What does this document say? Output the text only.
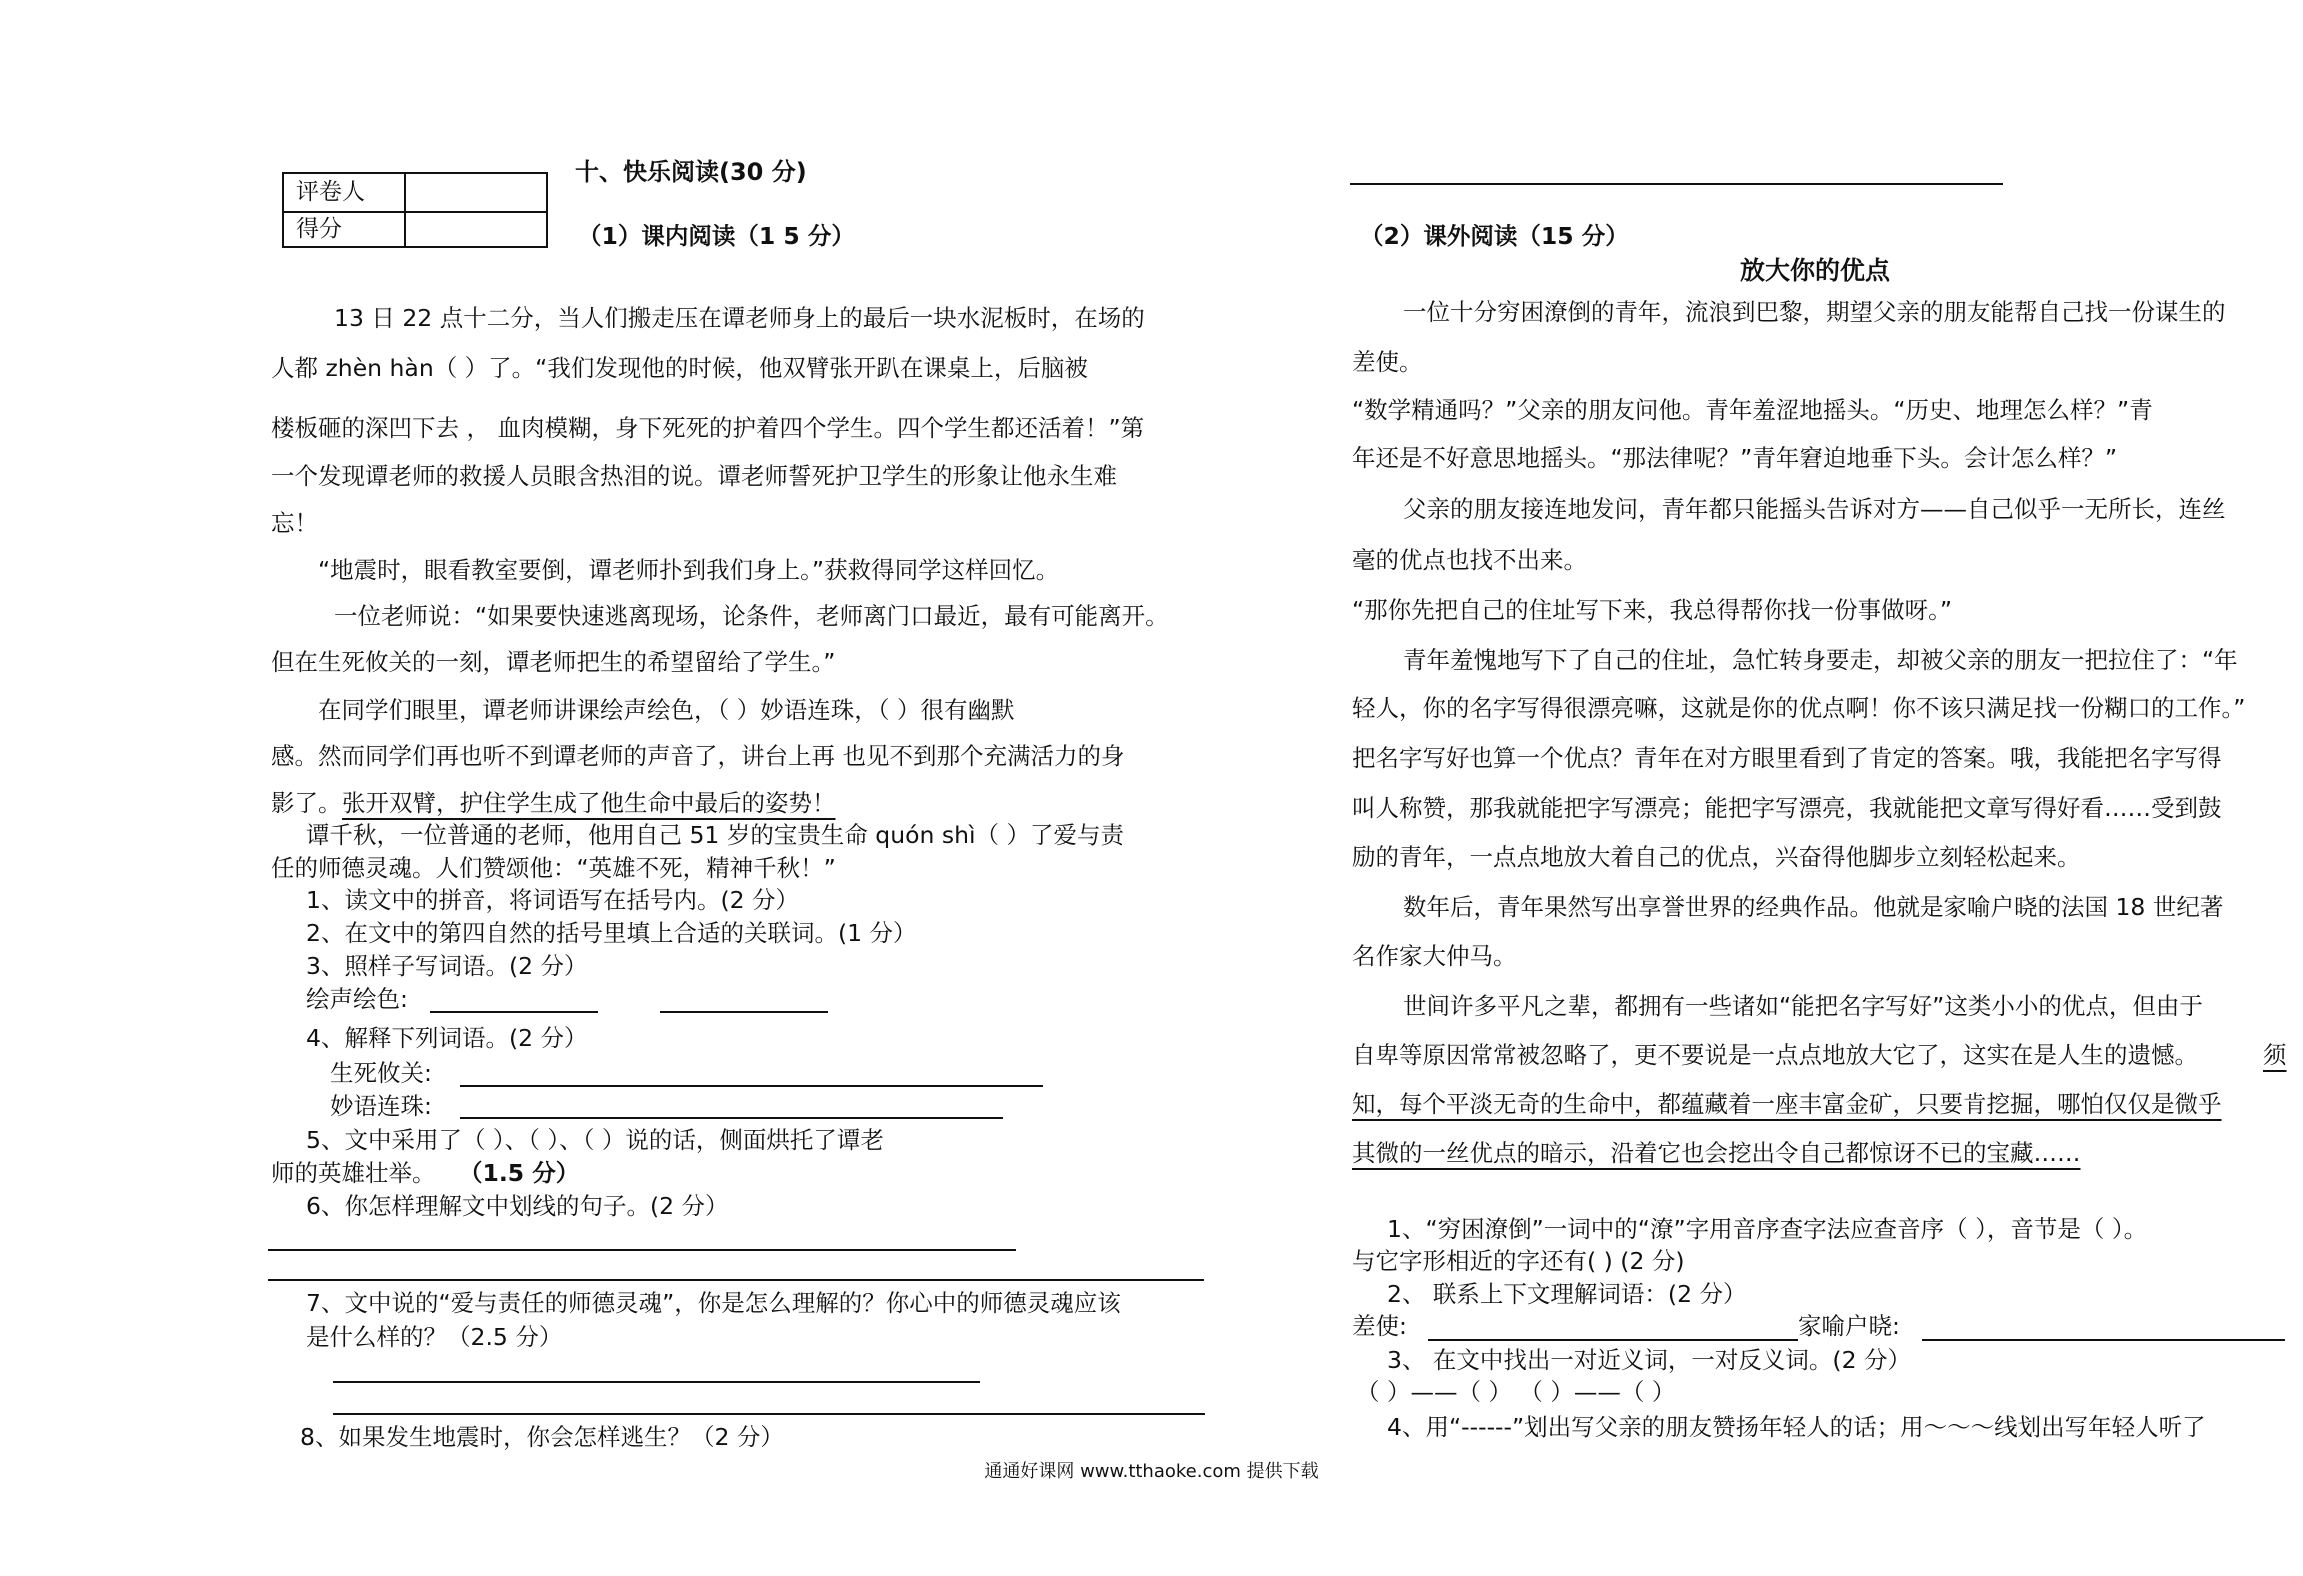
评卷人
得分
十、快乐阅读(30 分)
（1）课内阅读（1 5 分）	（2）课外阅读（15 分）
放大你的优点
13 日 22 点十二分，当人们搬走压在谭老师身上的最后一块水泥板时，在场的
人都 zhèn hàn（ ）了。“我们发现他的时候，他双臂张开趴在课桌上，后脑被
楼板砸的深凹下去 ， 血肉模糊，身下死死的护着四个学生。四个学生都还活着！”第
一个发现谭老师的救援人员眼含热泪的说。谭老师誓死护卫学生的形象让他永生难
忘！
“地震时，眼看教室要倒，谭老师扑到我们身上。”获救得同学这样回忆。
一位老师说：“如果要快速逃离现场，论条件，老师离门口最近，最有可能离开。
但在生死攸关的一刻，谭老师把生的希望留给了学生。”
在同学们眼里，谭老师讲课绘声绘色，（ ）妙语连珠，（ ）很有幽默
感。然而同学们再也听不到谭老师的声音了，讲台上再 也见不到那个充满活力的身
影了。 张开双臂，护住学生成了他生命中最后的姿势！
谭千秋，一位普通的老师，他用自己 51 岁的宝贵生命 quón shì（ ）了爱与责
任的师德灵魂。人们赞颂他：“英雄不死，精神千秋！”
1、读文中的拼音，将词语写在括号内。(2 分）
2、在文中的第四自然的括号里填上合适的关联词。(1 分）
3、照样子写词语。(2 分）
绘声绘色:
4、解释下列词语。(2 分）
生死攸关:
妙语连珠:
5、文中采用了（ ）、（ ）、（ ）说的话，侧面烘托了谭老
师的英雄壮举。 （1.5 分）
6、你怎样理解文中划线的句子。(2 分）
7、文中说的“爱与责任的师德灵魂”，你是怎么理解的？你心中的师德灵魂应该
是什么样的？（2.5 分）
8、如果发生地震时，你会怎样逃生？（2 分）
一位十分穷困潦倒的青年，流浪到巴黎，期望父亲的朋友能帮自己找一份谋生的
差使。
“数学精通吗？”父亲的朋友问他。青年羞涩地摇头。“历史、地理怎么样？”青
年还是不好意思地摇头。“那法律呢？”青年窘迫地垂下头。会计怎么样？”
父亲的朋友接连地发问，青年都只能摇头告诉对方——自己似乎一无所长，连丝
毫的优点也找不出来。
“那你先把自己的住址写下来，我总得帮你找一份事做呀。”
青年羞愧地写下了自己的住址，急忙转身要走，却被父亲的朋友一把拉住了：“年
轻人，你的名字写得很漂亮嘛，这就是你的优点啊！你不该只满足找一份糊口的工作。”
把名字写好也算一个优点？青年在对方眼里看到了肯定的答案。哦，我能把名字写得
叫人称赞，那我就能把字写漂亮；能把字写漂亮，我就能把文章写得好看……受到鼓
励的青年，一点点地放大着自己的优点，兴奋得他脚步立刻轻松起来。
数年后，青年果然写出享誉世界的经典作品。他就是家喻户晓的法国 18 世纪著
名作家大仲马。
世间许多平凡之辈，都拥有一些诸如“能把名字写好”这类小小的优点，但由于
自卑等原因常常被忽略了，更不要说是一点点地放大它了，这实在是人生的遗憾。	须
知，每个平淡无奇的生命中，都蕴藏着一座丰富金矿，只要肯挖掘，哪怕仅仅是微乎
其微的一丝优点的暗示，沿着它也会挖出令自己都惊讶不已的宝藏……
1、“穷困潦倒”一词中的“潦”字用音序查字法应查音序（ ），音节是（ ）。
与它字形相近的字还有( ) (2 分)
2、 联系上下文理解词语：(2 分）
差使:	家喻户晓:
3、 在文中找出一对近义词，一对反义词。(2 分）
（ ）——（ ） （ ）——（ ）
4、用“------”划出写父亲的朋友赞扬年轻人的话；用～～～线划出写年轻人听了
通通好课网 www.tthaoke.com 提供下载
